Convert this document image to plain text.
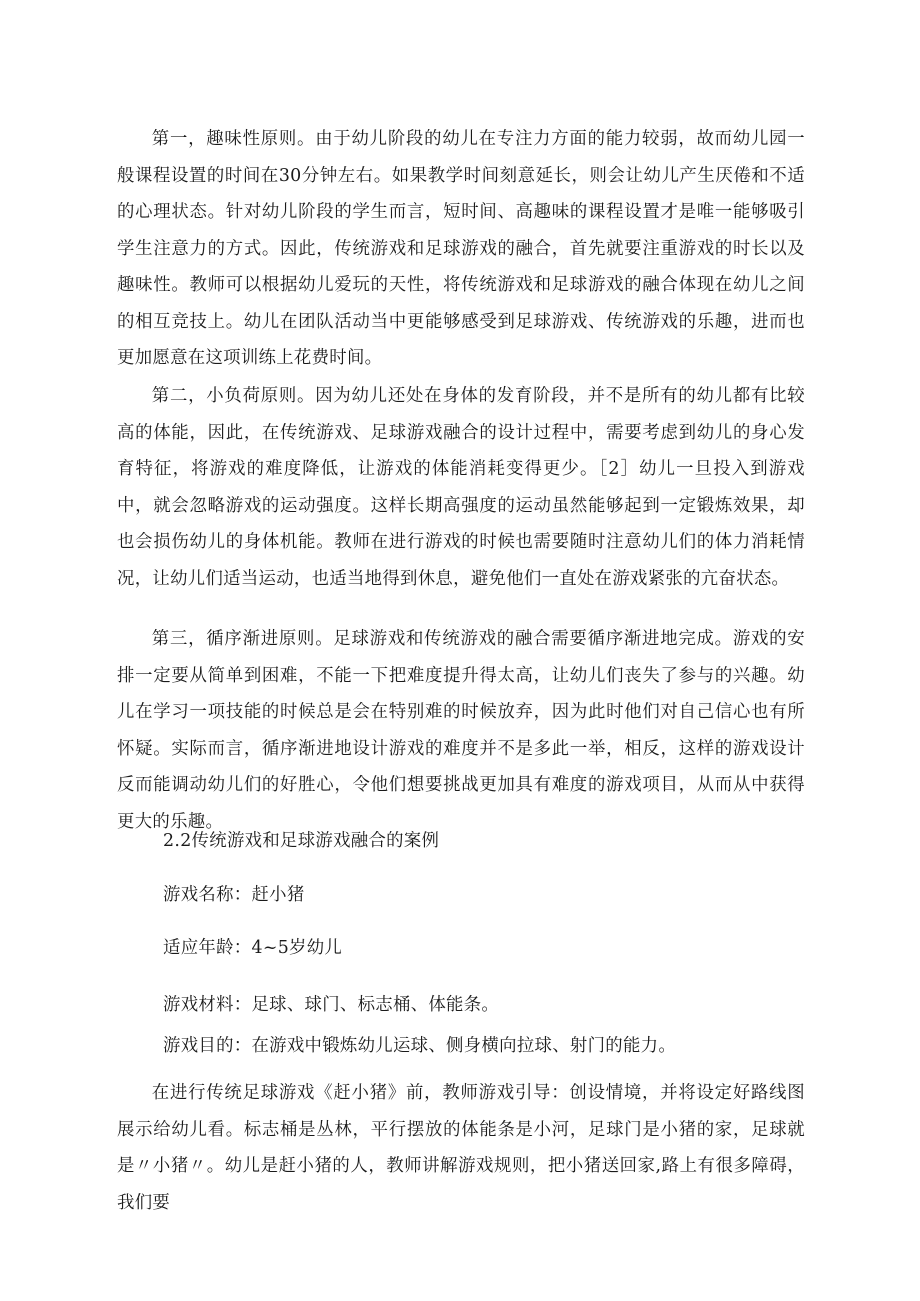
第一，趣味性原则。由于幼儿阶段的幼儿在专注力方面的能力较弱，故而幼儿园一般课程设置的时间在30分钟左右。如果教学时间刻意延长，则会让幼儿产生厌倦和不适的心理状态。针对幼儿阶段的学生而言，短时间、高趣味的课程设置才是唯一能够吸引学生注意力的方式。因此，传统游戏和足球游戏的融合，首先就要注重游戏的时长以及趣味性。教师可以根据幼儿爱玩的天性，将传统游戏和足球游戏的融合体现在幼儿之间的相互竞技上。幼儿在团队活动当中更能够感受到足球游戏、传统游戏的乐趣，进而也更加愿意在这项训练上花费时间。

第二，小负荷原则。因为幼儿还处在身体的发育阶段，并不是所有的幼儿都有比较高的体能，因此，在传统游戏、足球游戏融合的设计过程中，需要考虑到幼儿的身心发育特征，将游戏的难度降低，让游戏的体能消耗变得更少。［2］幼儿一旦投入到游戏中，就会忽略游戏的运动强度。这样长期高强度的运动虽然能够起到一定锻炼效果，却也会损伤幼儿的身体机能。教师在进行游戏的时候也需要随时注意幼儿们的体力消耗情况，让幼儿们适当运动，也适当地得到休息，避免他们一直处在游戏紧张的亢奋状态。

第三，循序渐进原则。足球游戏和传统游戏的融合需要循序渐进地完成。游戏的安排一定要从简单到困难，不能一下把难度提升得太高，让幼儿们丧失了参与的兴趣。幼儿在学习一项技能的时候总是会在特别难的时候放弃，因为此时他们对自己信心也有所怀疑。实际而言，循序渐进地设计游戏的难度并不是多此一举，相反，这样的游戏设计反而能调动幼儿们的好胜心，令他们想要挑战更加具有难度的游戏项目，从而从中获得更大的乐趣。

2.2传统游戏和足球游戏融合的案例

游戏名称：赶小猪

适应年龄：4~5岁幼儿

游戏材料：足球、球门、标志桶、体能条。

游戏目的：在游戏中锻炼幼儿运球、侧身横向拉球、射门的能力。

在进行传统足球游戏《赶小猪》前，教师游戏引导：创设情境，并将设定好路线图展示给幼儿看。标志桶是丛林，平行摆放的体能条是小河，足球门是小猪的家，足球就是〃小猪〃。幼儿是赶小猪的人，教师讲解游戏规则，把小猪送回家,路上有很多障碍，我们要
